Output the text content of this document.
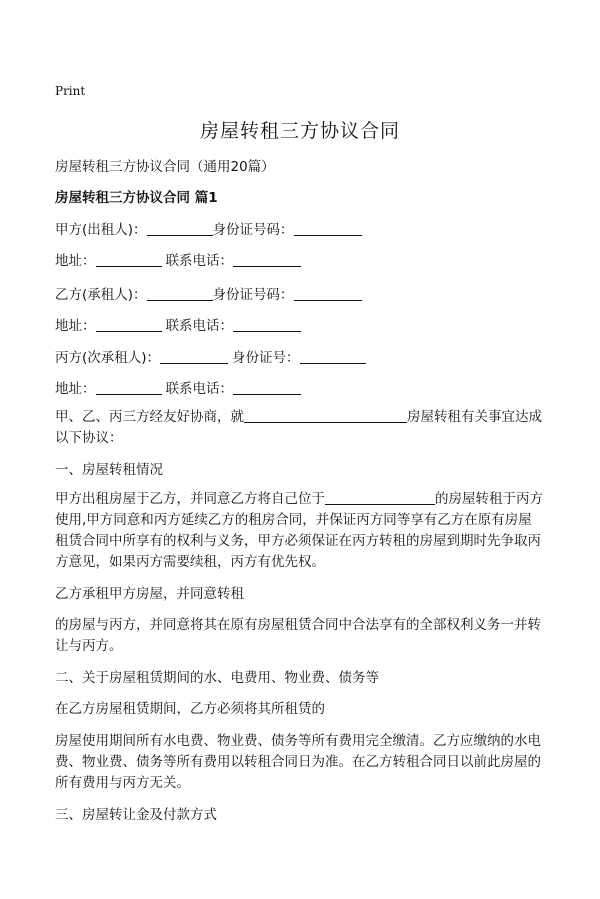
Print
房屋转租三方协议合同
房屋转租三方协议合同（通用20篇）
房屋转租三方协议合同 篇1
甲方(出租人)：	身份证号码：
地址：	联系电话：
乙方(承租人)：	身份证号码：
地址：	联系电话：
丙方(次承租人)：	身份证号：
地址：	联系电话：
甲、乙、丙三方经友好协商，就	房屋转租有关事宜达成
以下协议：
一、房屋转租情况
甲方出租房屋于乙方，并同意乙方将自己位于	的房屋转租于丙方
使用,甲方同意和丙方延续乙方的租房合同，并保证丙方同等享有乙方在原有房屋
租赁合同中所享有的权利与义务，甲方必须保证在丙方转租的房屋到期时先争取丙
方意见，如果丙方需要续租，丙方有优先权。
乙方承租甲方房屋，并同意转租
的房屋与丙方，并同意将其在原有房屋租赁合同中合法享有的全部权利义务一并转
让与丙方。
二、关于房屋租赁期间的水、电费用、物业费、债务等
在乙方房屋租赁期间，乙方必须将其所租赁的
房屋使用期间所有水电费、物业费、债务等所有费用完全缴清。乙方应缴纳的水电
费、物业费、债务等所有费用以转租合同日为准。在乙方转租合同日以前此房屋的
所有费用与丙方无关。
三、房屋转让金及付款方式
